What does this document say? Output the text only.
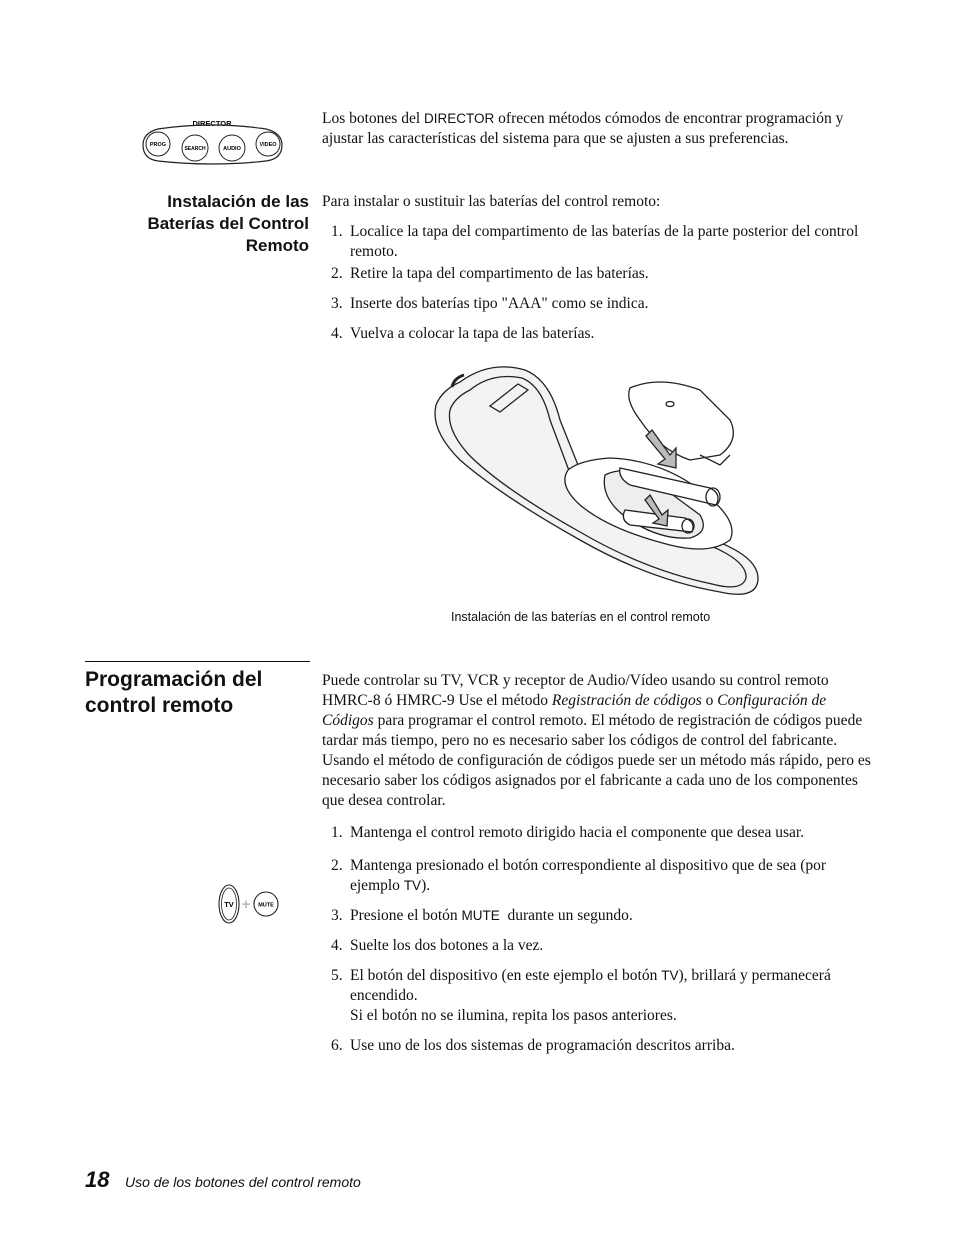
DIRECTOR
PROG
SEARCH	AUDIO
VIDEO

Los botones del DIRECTOR ofrecen métodos cómodos de encontrar programación y ajustar las características del sistema para que se ajusten a sus preferencias.

Instalación de las
Baterías del Control
Remoto

Para instalar o sustituir las baterías del control remoto:

1. Localice la tapa del compartimento de las baterías de la parte posterior del control remoto.
2. Retire la tapa del compartimento de las baterías.
3. Inserte dos baterías tipo "AAA" como se indica.
4. Vuelva a colocar la tapa de las baterías.
Instalación de las baterías en el control remoto
Programación del
control remoto

Puede controlar su TV, VCR y receptor de Audio/Vídeo usando su control remoto HMRC-8 ó HMRC-9 Use el método Registración de códigos o Configuración de Códigos para programar el control remoto. El método de registración de códigos puede tardar más tiempo, pero no es necesario saber los códigos de control del fabricante. Usando el método de configuración de códigos puede ser un método más rápido, pero es necesario saber los códigos asignados por el fabricante a cada uno de los componentes que desea controlar.

TV + MUTE
1. Mantenga el control remoto dirigido hacia el componente que desea usar.
2. Mantenga presionado el botón correspondiente al dispositivo que de sea (por ejemplo TV).
3. Presione el botón MUTE  durante un segundo.
4. Suelte los dos botones a la vez.
5. El botón del dispositivo (en este ejemplo el botón TV), brillará y permanecerá encendido.
Si el botón no se ilumina, repita los pasos anteriores.
6. Use uno de los dos sistemas de programación descritos arriba.
18 Uso de los botones del control remoto
